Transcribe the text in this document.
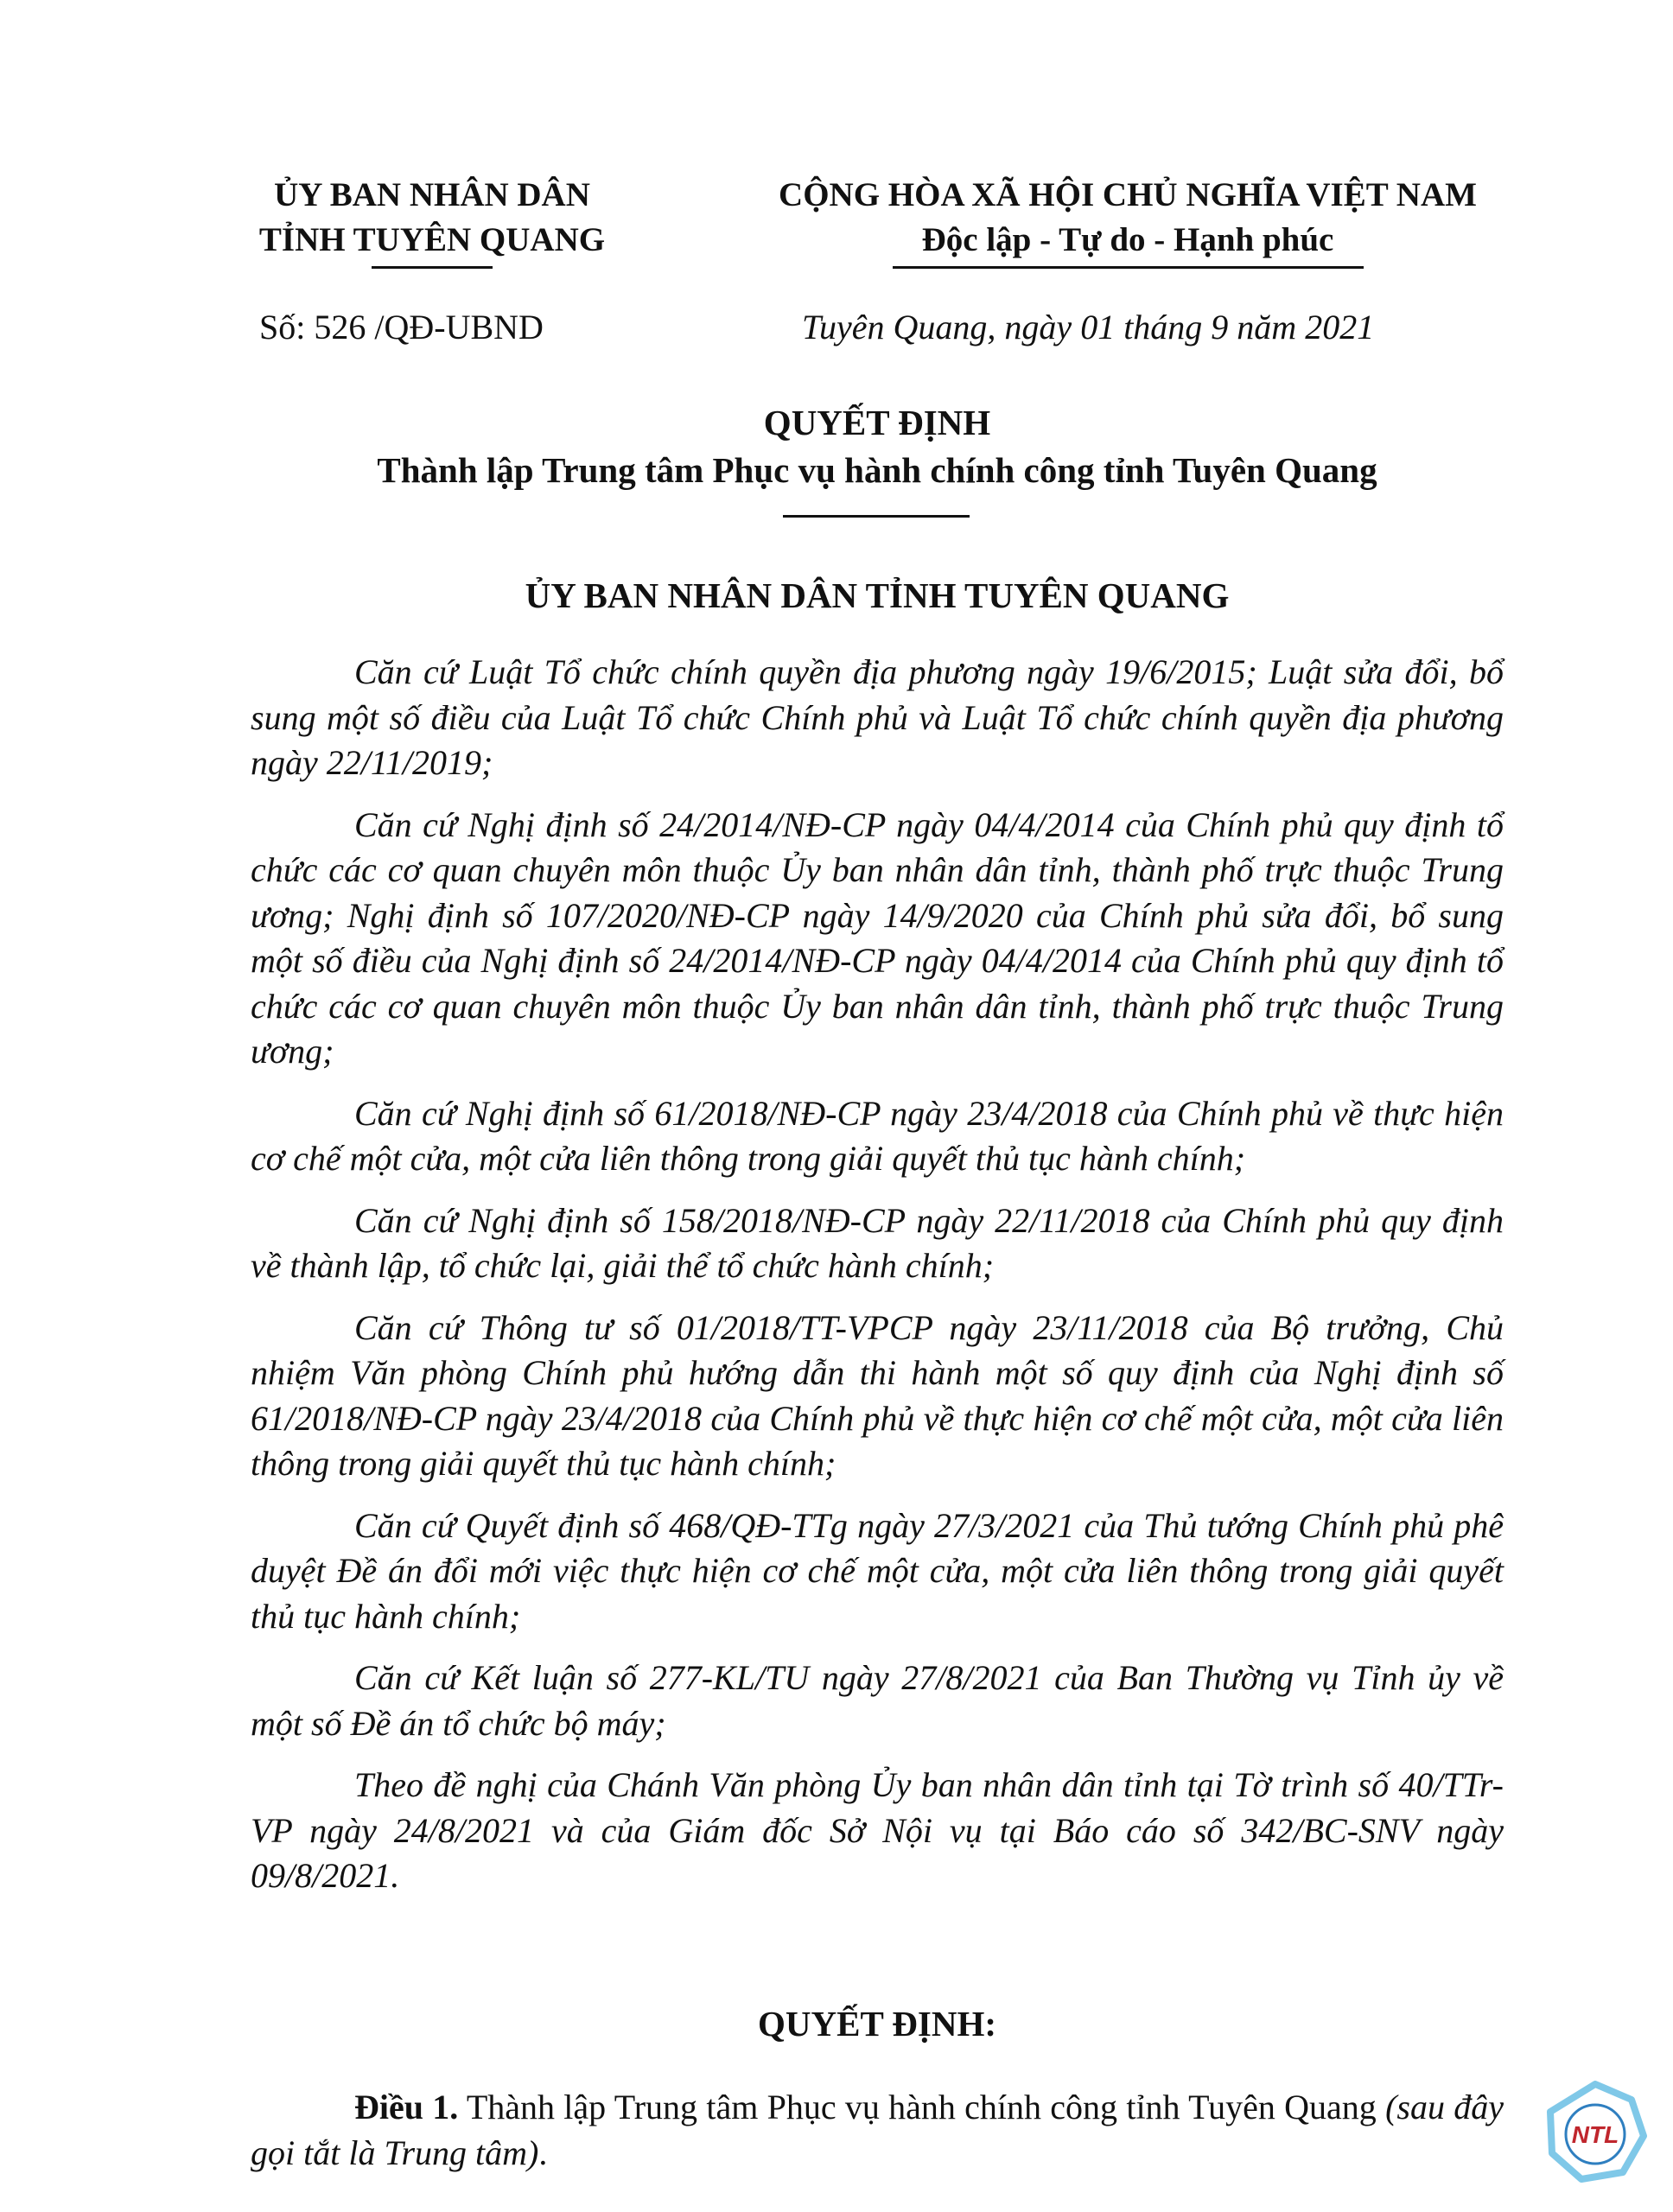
ỦY BAN NHÂN DÂN
TỈNH TUYÊN QUANG
CỘNG HÒA XÃ HỘI CHỦ NGHĨA VIỆT NAM
Độc lập - Tự do - Hạnh phúc
Số: 526 /QĐ-UBND	Tuyên Quang, ngày 01 tháng 9 năm 2021
QUYẾT ĐỊNH
Thành lập Trung tâm Phục vụ hành chính công tỉnh Tuyên Quang
ỦY BAN NHÂN DÂN TỈNH TUYÊN QUANG

Căn cứ Luật Tổ chức chính quyền địa phương ngày 19/6/2015; Luật sửa đổi, bổ sung một số điều của Luật Tổ chức Chính phủ và Luật Tổ chức chính quyền địa phương ngày 22/11/2019;

Căn cứ Nghị định số 24/2014/NĐ-CP ngày 04/4/2014 của Chính phủ quy định tổ chức các cơ quan chuyên môn thuộc Ủy ban nhân dân tỉnh, thành phố trực thuộc Trung ương; Nghị định số 107/2020/NĐ-CP ngày 14/9/2020 của Chính phủ sửa đổi, bổ sung một số điều của Nghị định số 24/2014/NĐ-CP ngày 04/4/2014 của Chính phủ quy định tổ chức các cơ quan chuyên môn thuộc Ủy ban nhân dân tỉnh, thành phố trực thuộc Trung ương;

Căn cứ Nghị định số 61/2018/NĐ-CP ngày 23/4/2018 của Chính phủ về thực hiện cơ chế một cửa, một cửa liên thông trong giải quyết thủ tục hành chính;

Căn cứ Nghị định số 158/2018/NĐ-CP ngày 22/11/2018 của Chính phủ quy định về thành lập, tổ chức lại, giải thể tổ chức hành chính;

Căn cứ Thông tư số 01/2018/TT-VPCP ngày 23/11/2018 của Bộ trưởng, Chủ nhiệm Văn phòng Chính phủ hướng dẫn thi hành một số quy định của Nghị định số 61/2018/NĐ-CP ngày 23/4/2018 của Chính phủ về thực hiện cơ chế một cửa, một cửa liên thông trong giải quyết thủ tục hành chính;

Căn cứ Quyết định số 468/QĐ-TTg ngày 27/3/2021 của Thủ tướng Chính phủ phê duyệt Đề án đổi mới việc thực hiện cơ chế một cửa, một cửa liên thông trong giải quyết thủ tục hành chính;

Căn cứ Kết luận số 277-KL/TU ngày 27/8/2021 của Ban Thường vụ Tỉnh ủy về một số Đề án tổ chức bộ máy;

Theo đề nghị của Chánh Văn phòng Ủy ban nhân dân tỉnh tại Tờ trình số 40/TTr-VP ngày 24/8/2021 và của Giám đốc Sở Nội vụ tại Báo cáo số 342/BC-SNV ngày 09/8/2021.

QUYẾT ĐỊNH:
Điều 1. Thành lập Trung tâm Phục vụ hành chính công tỉnh Tuyên Quang (sau đây gọi tắt là Trung tâm).	NTL
